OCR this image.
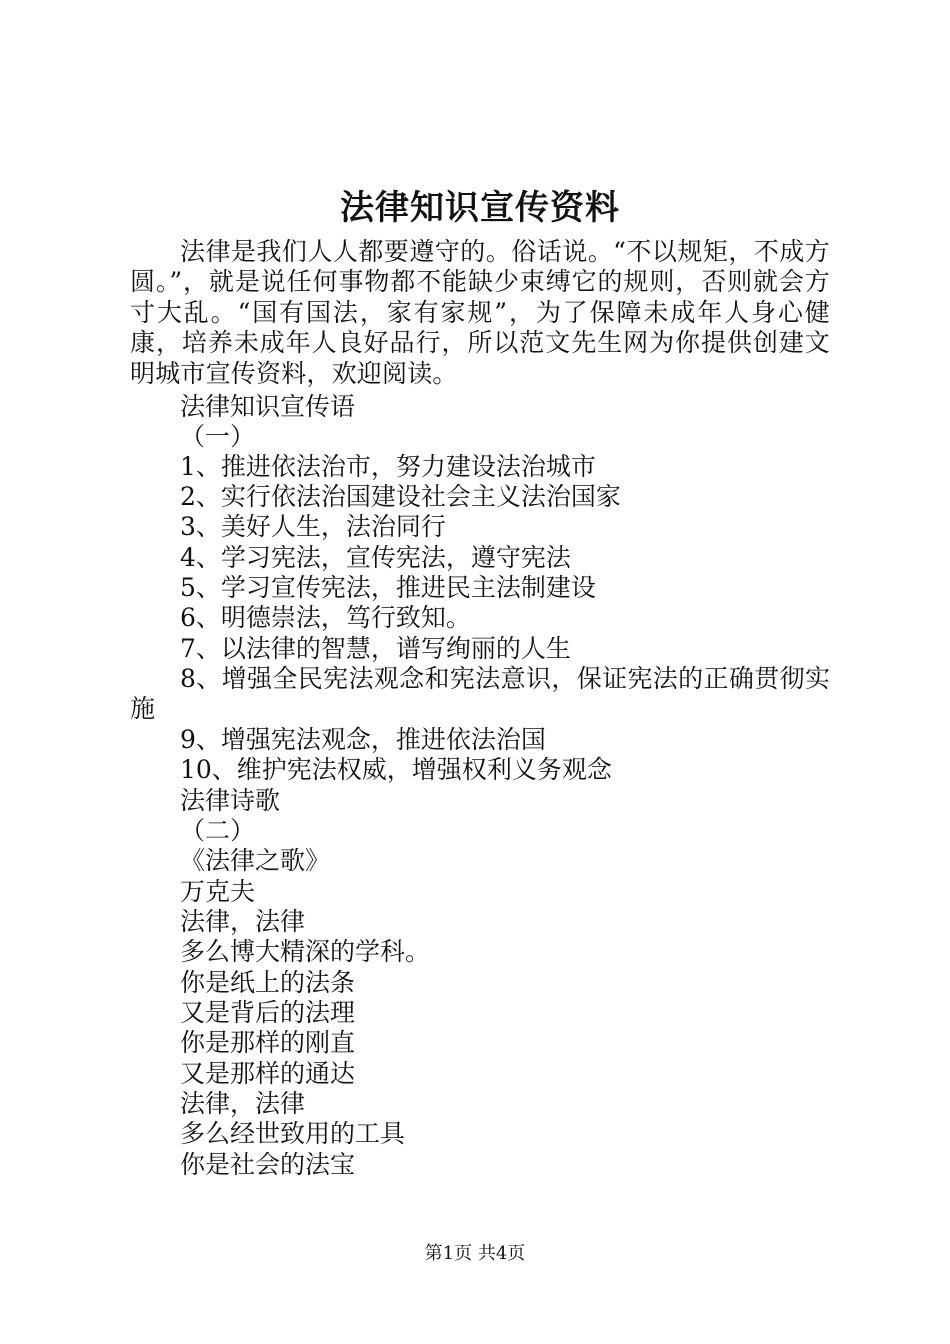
法律知识宣传资料

法律是我们人人都要遵守的。俗话说。“不以规矩，不成方圆。”，就是说任何事物都不能缺少束缚它的规则，否则就会方寸大乱。“国有国法，家有家规”，为了保障未成年人身心健康，培养未成年人良好品行，所以范文先生网为你提供创建文明城市宣传资料，欢迎阅读。

法律知识宣传语

（一）

1、推进依法治市，努力建设法治城市

2、实行依法治国建设社会主义法治国家

3、美好人生，法治同行

4、学习宪法，宣传宪法，遵守宪法

5、学习宣传宪法，推进民主法制建设

6、明德崇法，笃行致知。

7、以法律的智慧，谱写绚丽的人生

8、增强全民宪法观念和宪法意识，保证宪法的正确贯彻实施

9、增强宪法观念，推进依法治国

10、维护宪法权威，增强权利义务观念

法律诗歌

（二）

《法律之歌》

万克夫

法律，法律

多么博大精深的学科。

你是纸上的法条

又是背后的法理

你是那样的刚直

又是那样的通达

法律，法律

多么经世致用的工具

你是社会的法宝

第1页 共4页
